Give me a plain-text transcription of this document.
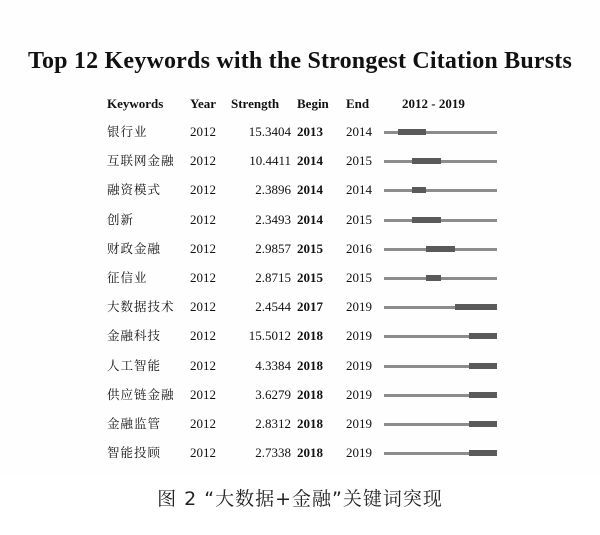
Top 12 Keywords with the Strongest Citation Bursts
Keywords Year Strength Begin End	2012 - 2019
银行业	2012	15.3404 2013 2014
互联网金融 2012	10.4411 2014 2015
融资模式 2012	2.3896 2014 2014
创新	2012	2.3493 2014 2015
财政金融 2012	2.9857 2015 2016
征信业	2012	2.8715 2015 2015
大数据技术 2012	2.4544 2017 2019
金融科技 2012	15.5012 2018 2019
人工智能 2012	4.3384 2018 2019
供应链金融 2012	3.6279 2018 2019
金融监管 2012	2.8312 2018 2019
智能投顾 2012	2.7338 2018 2019
图 2 “大数据+金融”关键词突现
